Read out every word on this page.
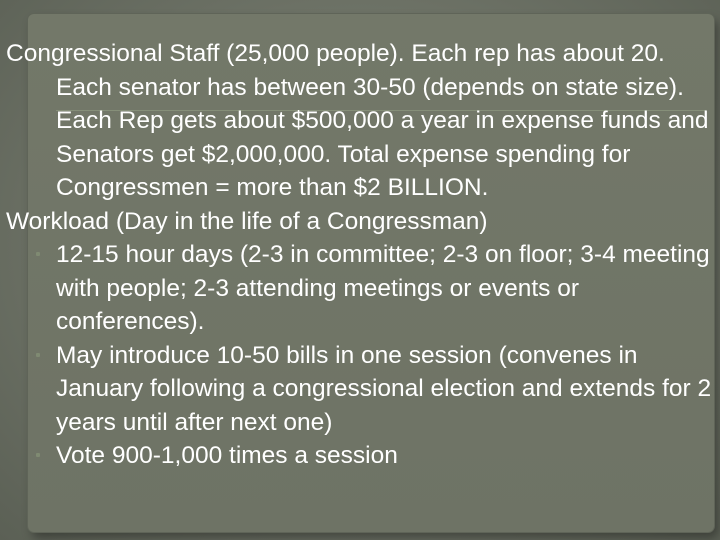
Congressional Staff (25,000 people). Each rep has about 20. Each senator has between 30-50 (depends on state size). Each Rep gets about $500,000 a year in expense funds and Senators get $2,000,000. Total expense spending for Congressmen = more than $2 BILLION.

Workload (Day in the life of a Congressman)

12-15 hour days (2-3 in committee; 2-3 on floor; 3-4 meeting with people; 2-3 attending meetings or events or conferences).
May introduce 10-50 bills in one session (convenes in January following a congressional election and extends for 2 years until after next one)
Vote 900-1,000 times a session
